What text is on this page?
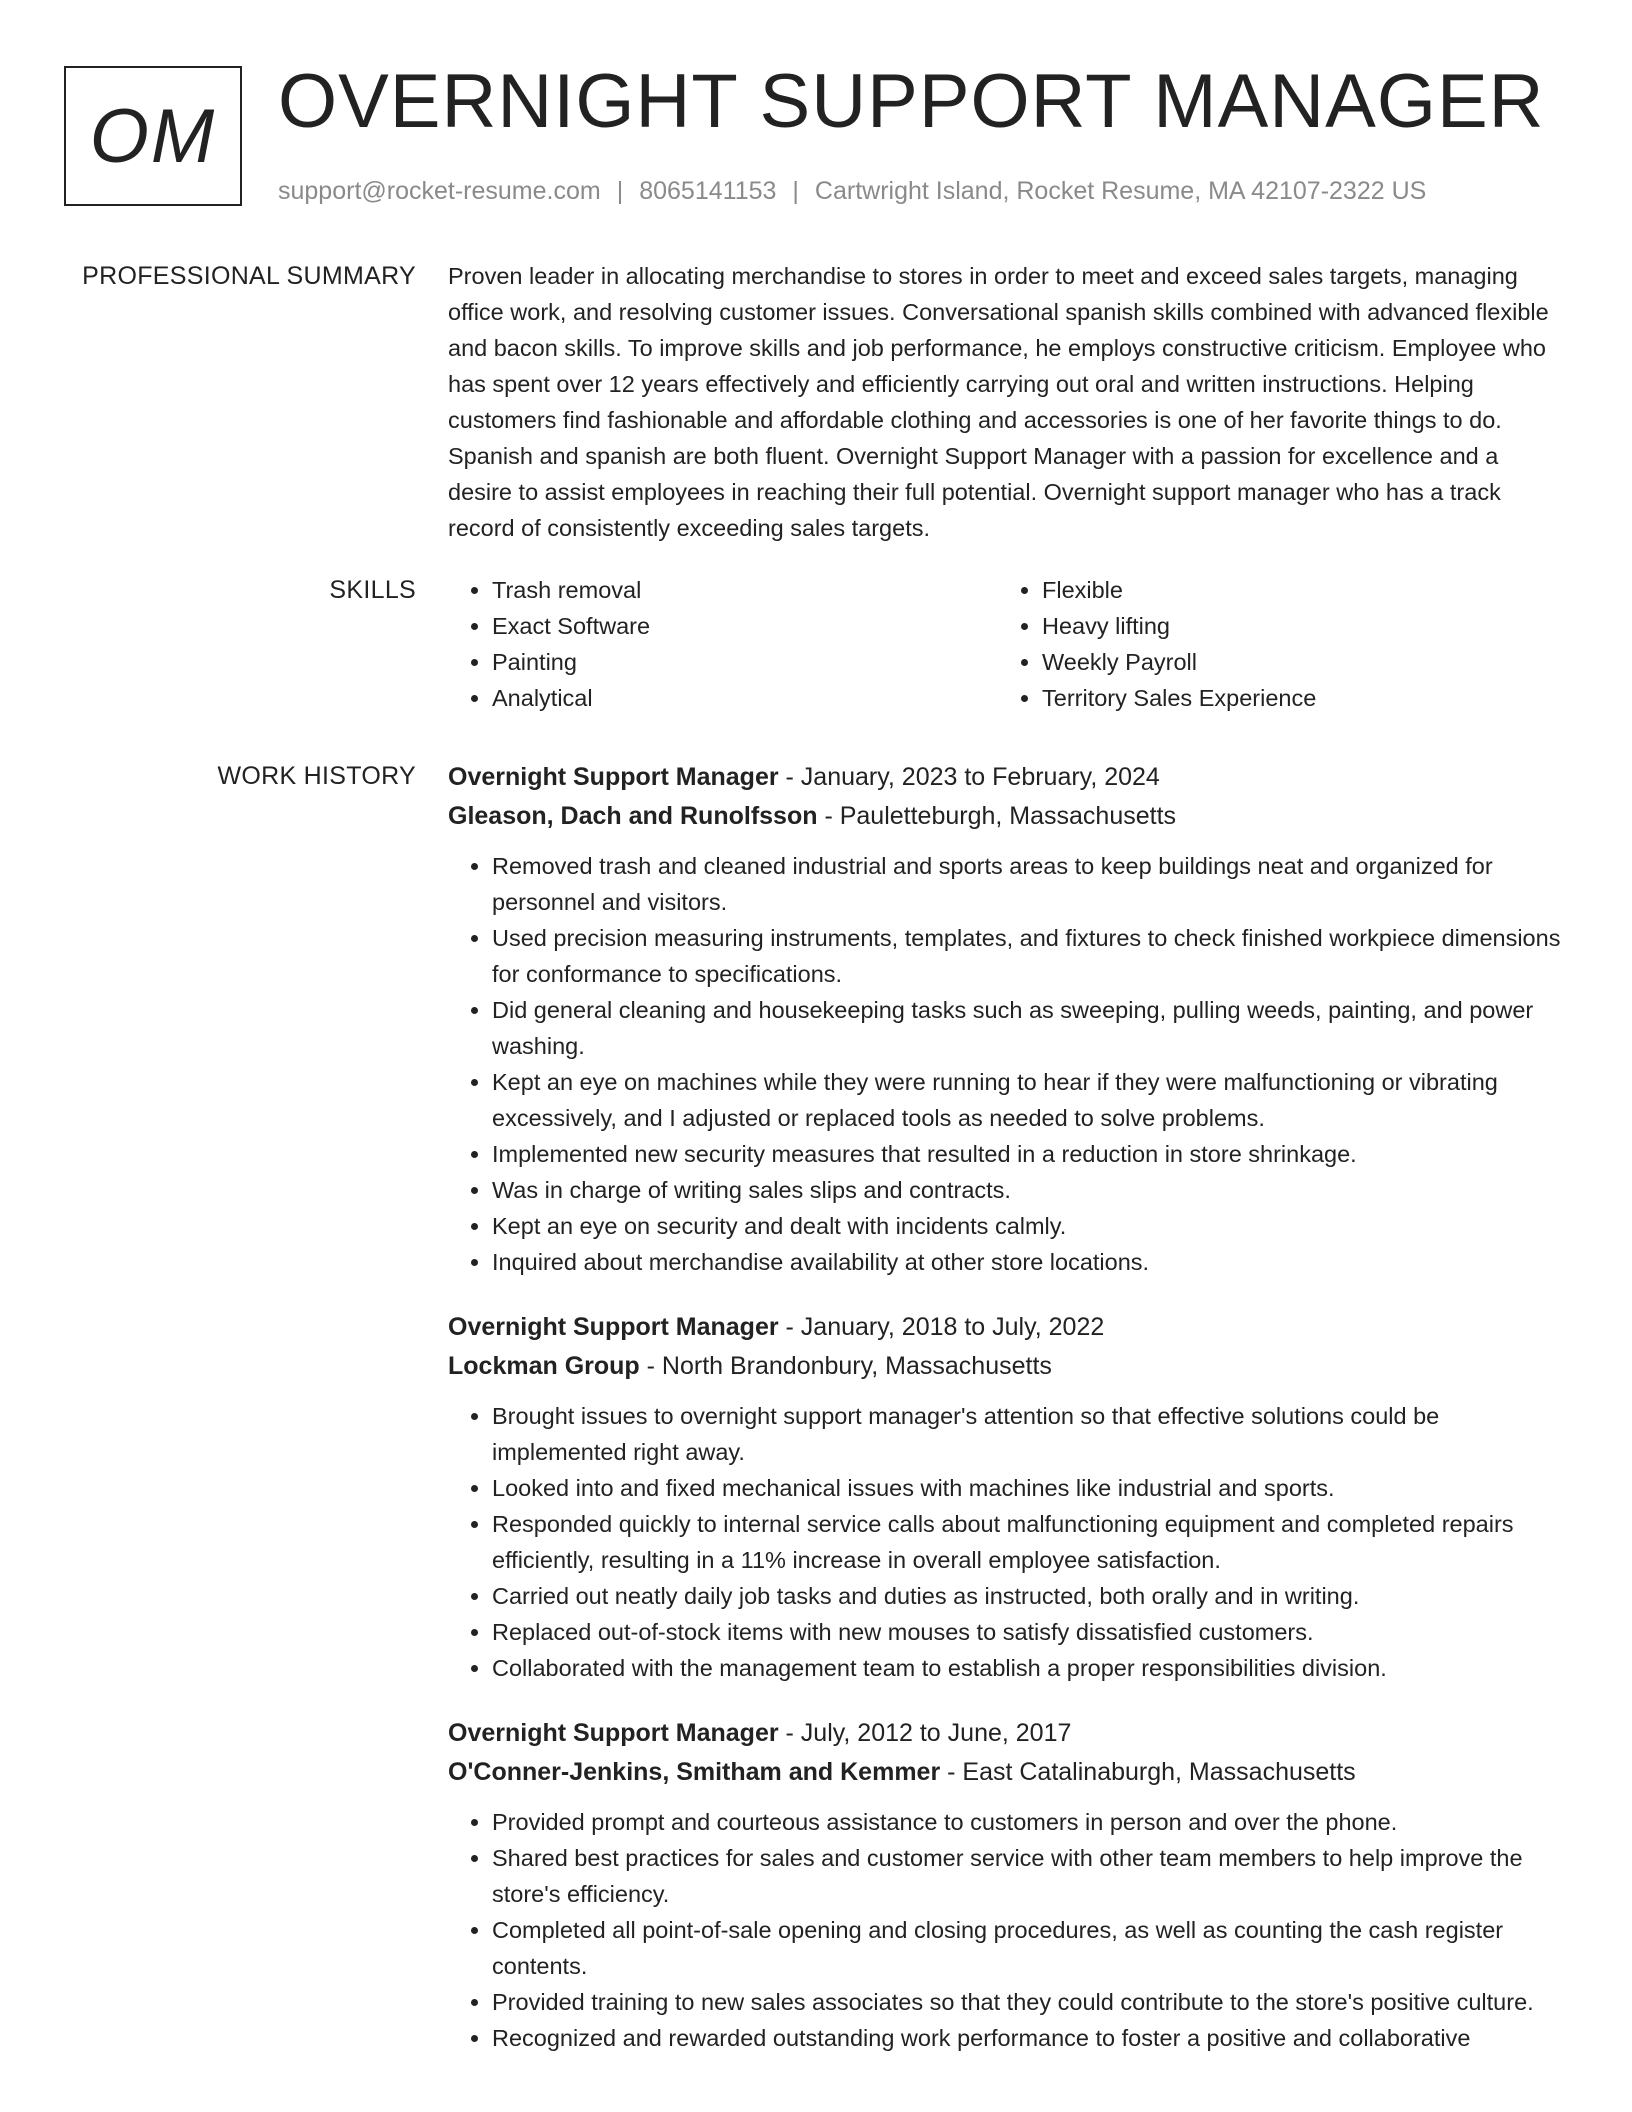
OM OVERNIGHT SUPPORT MANAGER
support@rocket-resume.com | 8065141153 | Cartwright Island, Rocket Resume, MA 42107-2322 US
PROFESSIONAL SUMMARY Proven leader in allocating merchandise to stores in order to meet and exceed sales targets, managing office work, and resolving customer issues. Conversational spanish skills combined with advanced flexible and bacon skills. To improve skills and job performance, he employs constructive criticism. Employee who has spent over 12 years effectively and efficiently carrying out oral and written instructions. Helping customers find fashionable and affordable clothing and accessories is one of her favorite things to do. Spanish and spanish are both fluent. Overnight Support Manager with a passion for excellence and a desire to assist employees in reaching their full potential. Overnight support manager who has a track record of consistently exceeding sales targets.

SKILLS
•	Trash removal
• Exact Software
• Painting
• Analytical
• Flexible
• Heavy lifting
• Weekly Payroll
• Territory Sales Experience
WORK HISTORY Overnight Support Manager - January, 2023 to February, 2024
Gleason, Dach and Runolfsson - Pauletteburgh, Massachusetts
• Removed trash and cleaned industrial and sports areas to keep buildings neat and organized for personnel and visitors.
• Used precision measuring instruments, templates, and fixtures to check finished workpiece dimensions for conformance to specifications.
• Did general cleaning and housekeeping tasks such as sweeping, pulling weeds, painting, and power washing.
• Kept an eye on machines while they were running to hear if they were malfunctioning or vibrating excessively, and I adjusted or replaced tools as needed to solve problems.
• Implemented new security measures that resulted in a reduction in store shrinkage.
• Was in charge of writing sales slips and contracts.
• Kept an eye on security and dealt with incidents calmly.
• Inquired about merchandise availability at other store locations.
Overnight Support Manager - January, 2018 to July, 2022
Lockman Group - North Brandonbury, Massachusetts
• Brought issues to overnight support manager's attention so that effective solutions could be implemented right away.
• Looked into and fixed mechanical issues with machines like industrial and sports.
• Responded quickly to internal service calls about malfunctioning equipment and completed repairs efficiently, resulting in a 11% increase in overall employee satisfaction.
• Carried out neatly daily job tasks and duties as instructed, both orally and in writing.
• Replaced out-of-stock items with new mouses to satisfy dissatisfied customers.
• Collaborated with the management team to establish a proper responsibilities division.
Overnight Support Manager - July, 2012 to June, 2017
O'Conner-Jenkins, Smitham and Kemmer - East Catalinaburgh, Massachusetts
• Provided prompt and courteous assistance to customers in person and over the phone.
• Shared best practices for sales and customer service with other team members to help improve the store's efficiency.
• Completed all point-of-sale opening and closing procedures, as well as counting the cash register contents.
• Provided training to new sales associates so that they could contribute to the store's positive culture.
• Recognized and rewarded outstanding work performance to foster a positive and collaborative
